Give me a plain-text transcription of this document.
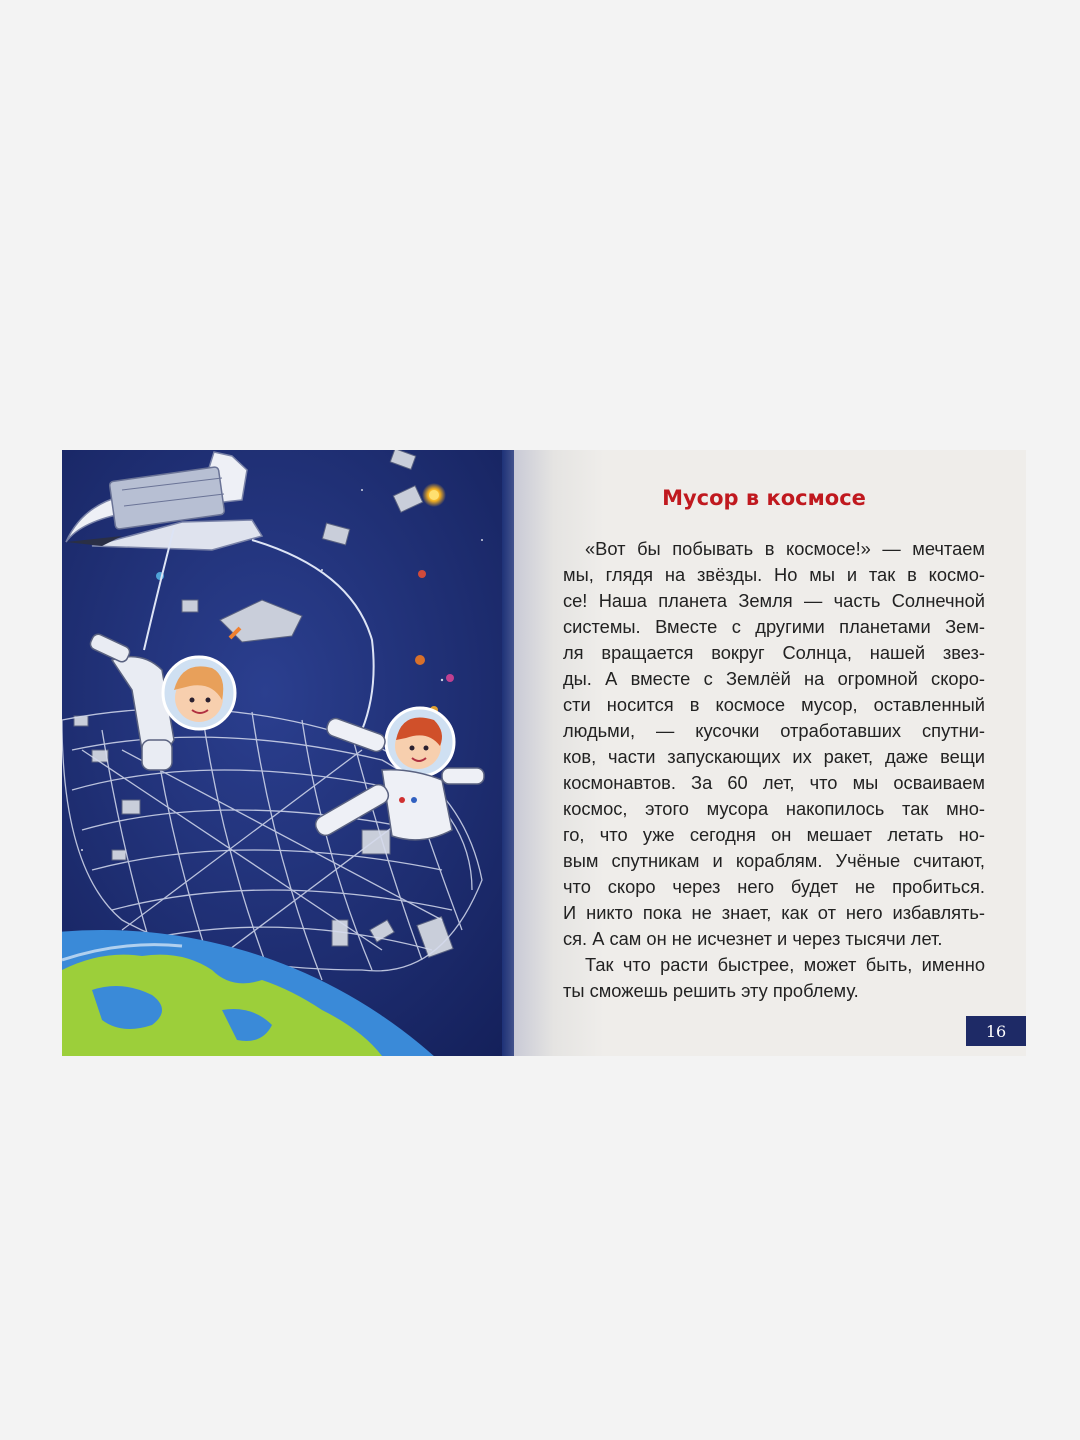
Мусор в космосе
«Вот бы побывать в космосе!» — мечтаем
мы, глядя на звёзды. Но мы и так в космо-
се! Наша планета Земля — часть Солнечной
системы. Вместе с другими планетами Зем-
ля вращается вокруг Солнца, нашей звез-
ды. А вместе с Землёй на огромной скоро-
сти носится в космосе мусор, оставленный
людьми, — кусочки отработавших спутни-
ков, части запускающих их ракет, даже вещи
космонавтов. За 60 лет, что мы осваиваем
космос, этого мусора накопилось так мно-
го, что уже сегодня он мешает летать но-
вым спутникам и кораблям. Учёные считают,
что скоро через него будет не пробиться.
И никто пока не знает, как от него избавлять-
ся. А сам он не исчезнет и через тысячи лет.
Так что расти быстрее, может быть, именно
ты сможешь решить эту проблему.
16
